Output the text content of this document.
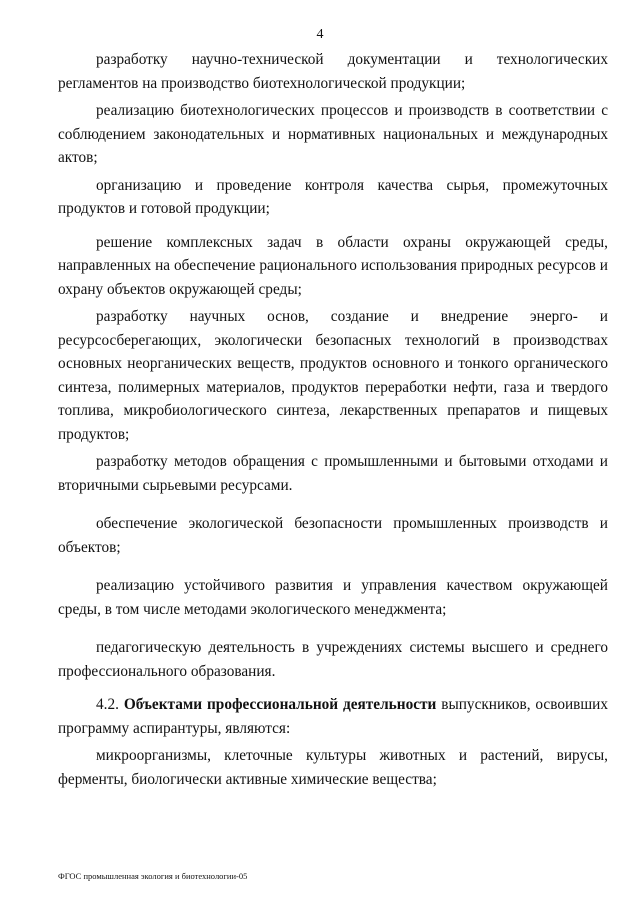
4

разработку научно-технической документации и технологических регламентов на производство биотехнологической продукции;

реализацию биотехнологических процессов и производств в соответствии с соблюдением законодательных и нормативных национальных и международных актов;

организацию и проведение контроля качества сырья, промежуточных продуктов и готовой продукции;

решение комплексных задач в области охраны окружающей среды, направленных на обеспечение рационального использования природных ресурсов и охрану объектов окружающей среды;

разработку научных основ, создание и внедрение энерго- и ресурсосберегающих, экологически безопасных технологий в производствах основных неорганических веществ, продуктов основного и тонкого органического синтеза, полимерных материалов, продуктов переработки нефти, газа и твердого топлива, микробиологического синтеза, лекарственных препаратов и пищевых продуктов;

разработку методов обращения с промышленными и бытовыми отходами и вторичными сырьевыми ресурсами.

обеспечение экологической безопасности промышленных производств и объектов;

реализацию устойчивого развития и управления качеством окружающей среды, в том числе методами экологического менеджмента;

педагогическую деятельность в учреждениях системы высшего и среднего профессионального образования.

4.2. Объектами профессиональной деятельности выпускников, освоивших программу аспирантуры, являются:

микроорганизмы, клеточные культуры животных и растений, вирусы, ферменты, биологически активные химические вещества;

ФГОС промышленная экология и биотехнологии-05
